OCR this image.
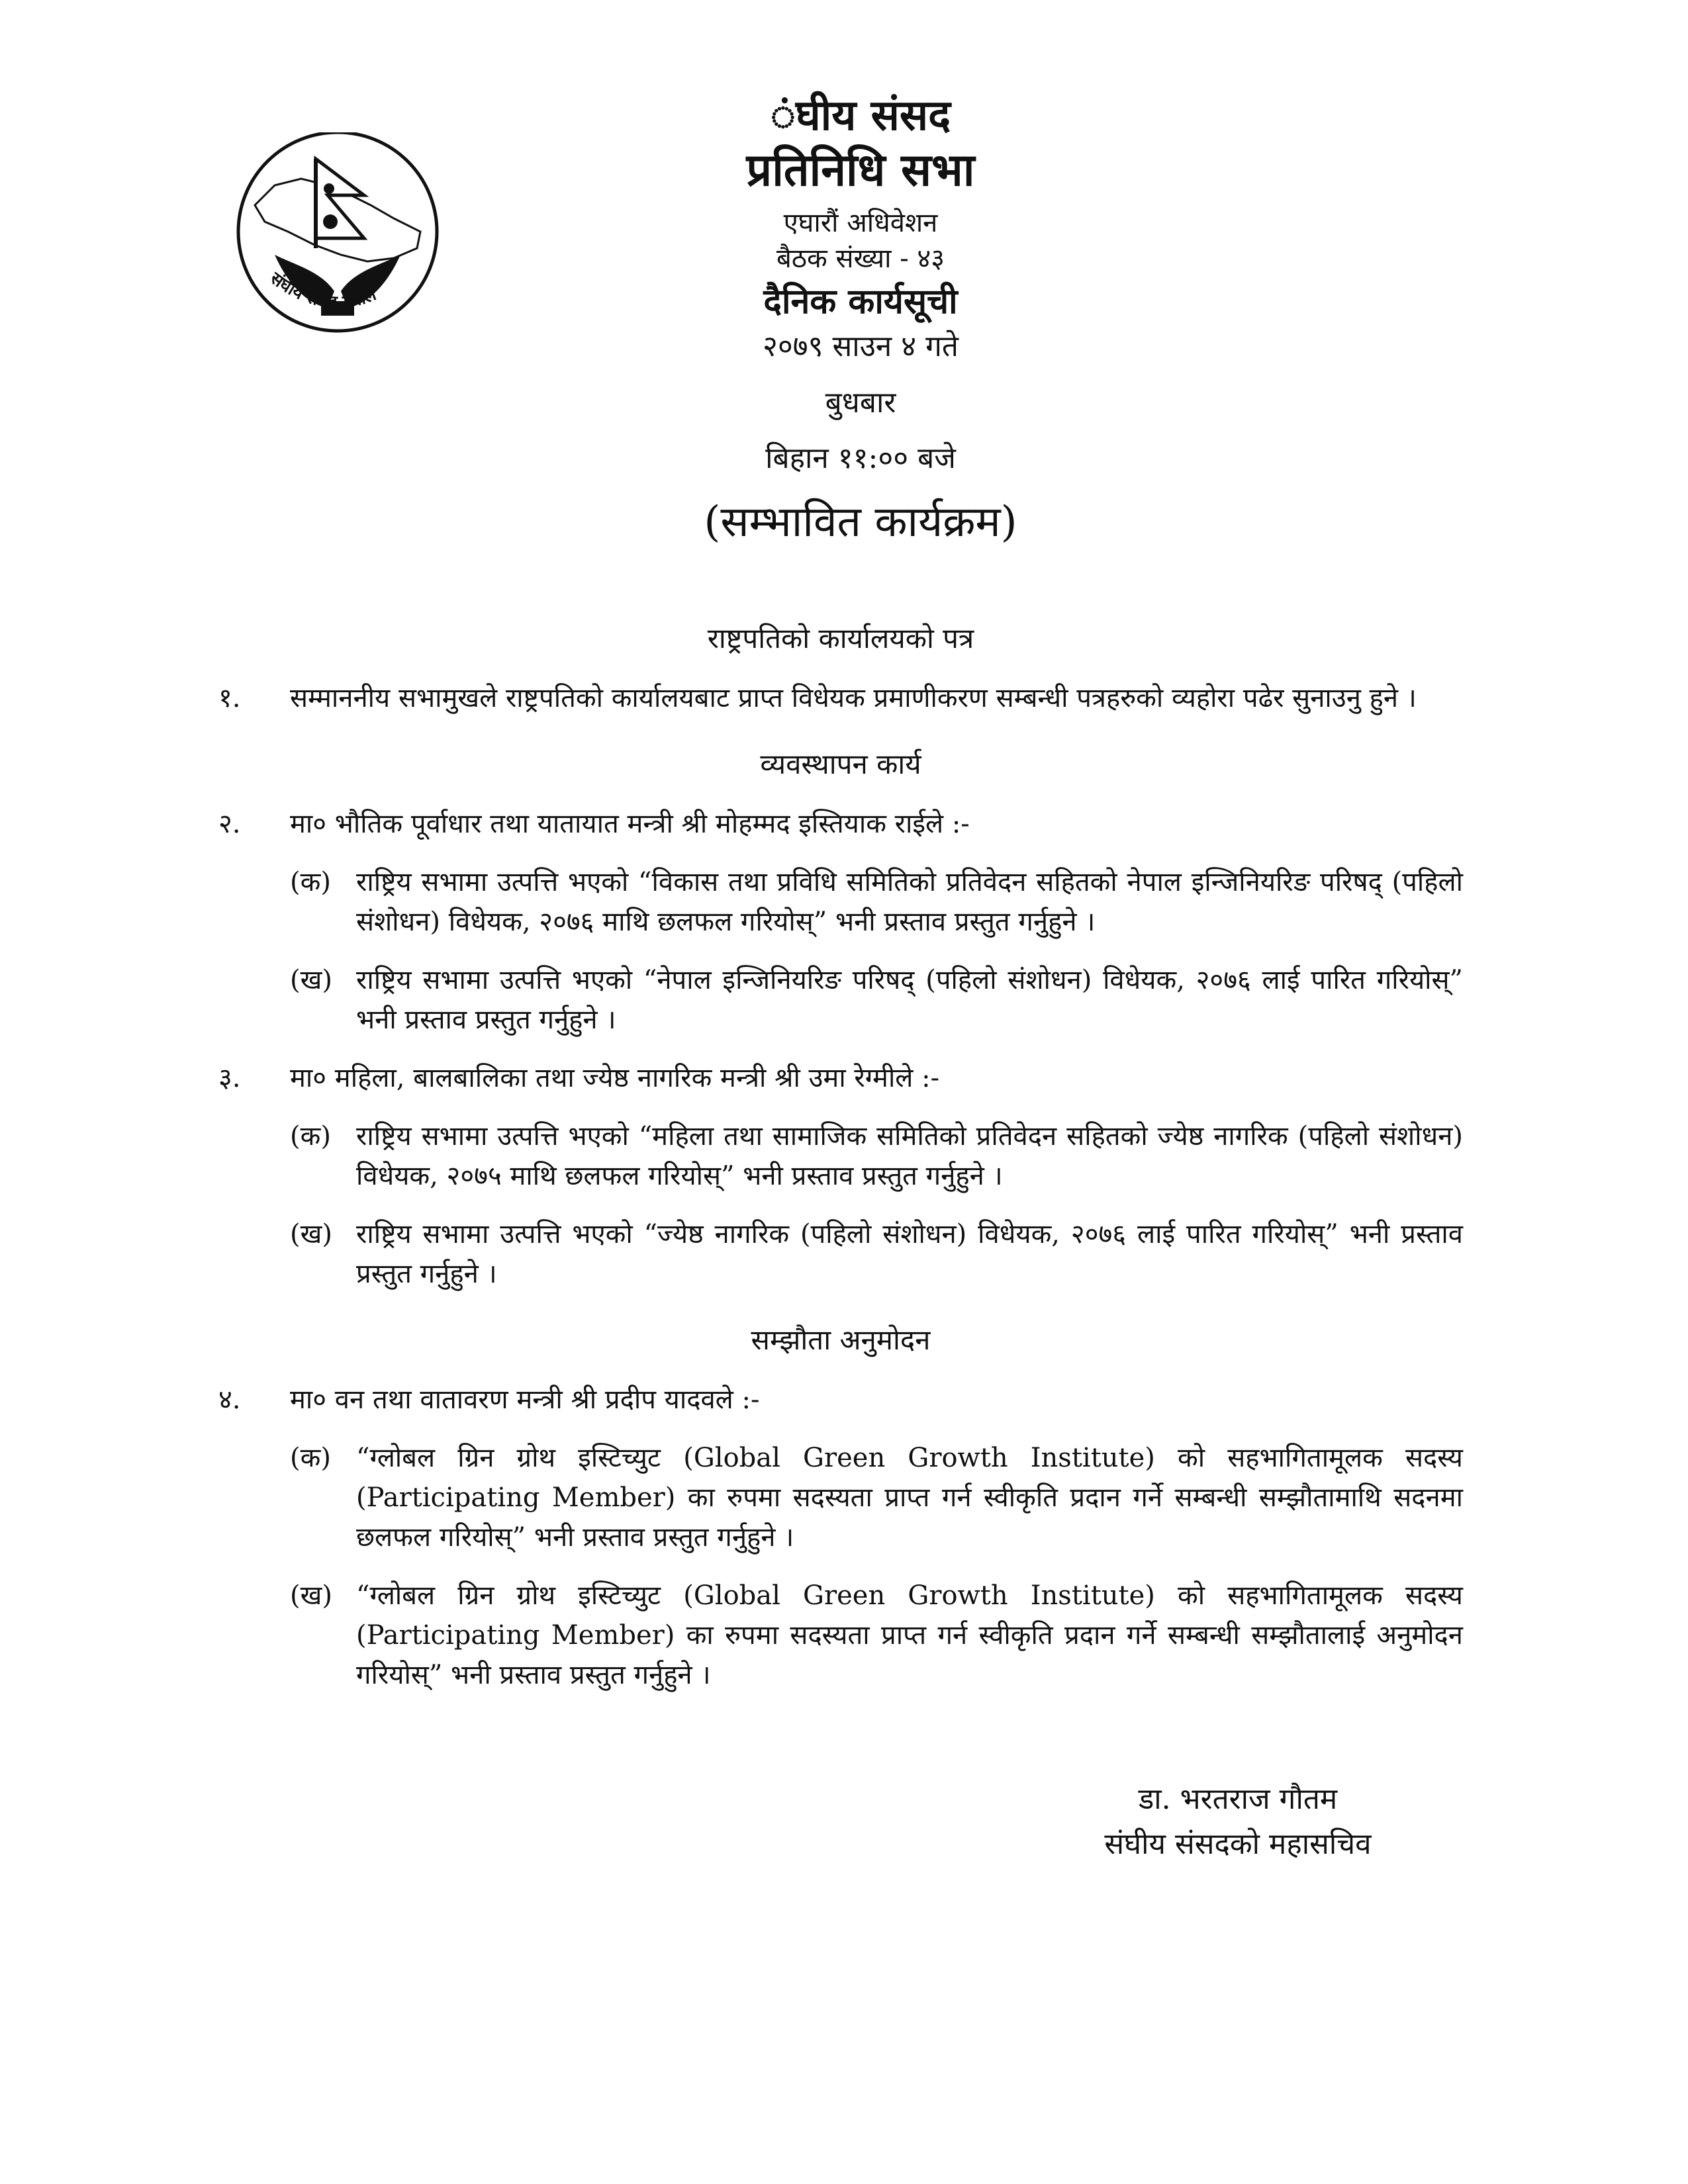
संघीय संसद नेपाल
ंघीय संसद
प्रतिनिधि सभा
एघारौं अधिवेशन
बैठक संख्या - ४३
दैनिक कार्यसूची
२०७९ साउन ४ गते
बुधबार
बिहान ११:०० बजे
(सम्भावित कार्यक्रम)
राष्ट्रपतिको कार्यालयको पत्र
१.	सम्माननीय सभामुखले राष्ट्रपतिको कार्यालयबाट प्राप्त विधेयक प्रमाणीकरण सम्बन्धी पत्रहरुको व्यहोरा पढेर सुनाउनु हुने ।
व्यवस्थापन कार्य
२.	मा० भौतिक पूर्वाधार तथा यातायात मन्त्री श्री मोहम्मद इस्तियाक राईले :-
(क) राष्ट्रिय सभामा उत्पत्ति भएको “विकास तथा प्रविधि समितिको प्रतिवेदन सहितको नेपाल इन्जिनियरिङ परिषद् (पहिलो संशोधन) विधेयक, २०७६ माथि छलफल गरियोस्” भनी प्रस्ताव प्रस्तुत गर्नुहुने ।
(ख) राष्ट्रिय सभामा उत्पत्ति भएको “नेपाल इन्जिनियरिङ परिषद् (पहिलो संशोधन) विधेयक, २०७६ लाई पारित गरियोस्” भनी प्रस्ताव प्रस्तुत गर्नुहुने ।
३.	मा० महिला, बालबालिका तथा ज्येष्ठ नागरिक मन्त्री श्री उमा रेग्मीले :-
(क) राष्ट्रिय सभामा उत्पत्ति भएको “महिला तथा सामाजिक समितिको प्रतिवेदन सहितको ज्येष्ठ नागरिक (पहिलो संशोधन) विधेयक, २०७५ माथि छलफल गरियोस्” भनी प्रस्ताव प्रस्तुत गर्नुहुने ।
(ख) राष्ट्रिय सभामा उत्पत्ति भएको “ज्येष्ठ नागरिक (पहिलो संशोधन) विधेयक, २०७६ लाई पारित गरियोस्” भनी प्रस्ताव प्रस्तुत गर्नुहुने ।
सम्झौता अनुमोदन
४.	मा० वन तथा वातावरण मन्त्री श्री प्रदीप यादवले :-
(क) “ग्लोबल ग्रिन ग्रोथ इस्टिच्युट (Global Green Growth Institute) को सहभागितामूलक सदस्य (Participating Member) का रुपमा सदस्यता प्राप्त गर्न स्वीकृति प्रदान गर्ने सम्बन्धी सम्झौतामाथि सदनमा छलफल गरियोस्” भनी प्रस्ताव प्रस्तुत गर्नुहुने ।
(ख) “ग्लोबल ग्रिन ग्रोथ इस्टिच्युट (Global Green Growth Institute) को सहभागितामूलक सदस्य (Participating Member) का रुपमा सदस्यता प्राप्त गर्न स्वीकृति प्रदान गर्ने सम्बन्धी सम्झौतालाई अनुमोदन गरियोस्” भनी प्रस्ताव प्रस्तुत गर्नुहुने ।
डा. भरतराज गौतम
संघीय संसदको महासचिव
